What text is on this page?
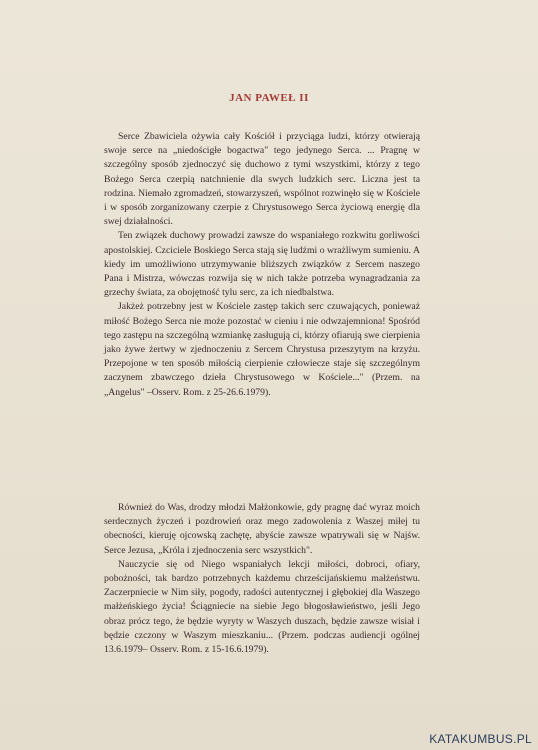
JAN PAWEŁ II

Serce Zbawiciela ożywia cały Kościół i przyciąga ludzi, którzy otwierają swoje serce na „niedościgłe bogactwa" tego jedynego Serca. ... Pragnę w szczególny sposób zjednoczyć się duchowo z tymi wszystkimi, którzy z tego Bożego Serca czerpią natchnienie dla swych ludzkich serc. Liczna jest ta rodzina. Niemało zgromadzeń, stowarzyszeń, wspólnot rozwinęło się w Kościele i w sposób zorganizowany czerpie z Chrystusowego Serca życiową energię dla swej działalności.

Ten związek duchowy prowadzi zawsze do wspaniałego rozkwitu gorliwości apostolskiej. Czciciele Boskiego Serca stają się ludźmi o wrażliwym sumieniu. A kiedy im umożliwiono utrzymywanie bliższych związków z Sercem naszego Pana i Mistrza, wówczas rozwija się w nich także potrzeba wynagradzania za grzechy świata, za obojętność tylu serc, za ich niedbalstwa.

Jakżeż potrzebny jest w Kościele zastęp takich serc czuwających, ponieważ miłość Bożego Serca nie może pozostać w cieniu i nie odwzajemniona! Spośród tego zastępu na szczególną wzmiankę zasługują ci, którzy ofiarują swe cierpienia jako żywe żertwy w zjednoczeniu z Sercem Chrystusa przeszytym na krzyżu. Przepojone w ten sposób miłością cierpienie człowiecze staje się szczególnym zaczynem zbawczego dzieła Chrystusowego w Kościele..." (Przem. na „Angelus" –Osserv. Rom. z 25-26.6.1979).

Również do Was, drodzy młodzi Małżonkowie, gdy pragnę dać wyraz moich serdecznych życzeń i pozdrowień oraz mego zadowolenia z Waszej miłej tu obecności, kieruję ojcowską zachętę, abyście zawsze wpatrywali się w Najśw. Serce Jezusa, „Króla i zjednoczenia serc wszystkich".

Nauczycie się od Niego wspaniałych lekcji miłości, dobroci, ofiary, pobożności, tak bardzo potrzebnych każdemu chrześcijańskiemu małżeństwu. Zaczerpniecie w Nim siły, pogody, radości autentycznej i głębokiej dla Waszego małżeńskiego życia! Ściągniecie na siebie Jego błogosławieństwo, jeśli Jego obraz prócz tego, że będzie wyryty w Waszych duszach, będzie zawsze wisiał i będzie czczony w Waszym mieszkaniu... (Przem. podczas audiencji ogólnej 13.6.1979– Osserv. Rom. z 15-16.6.1979).

KATAKUMBUS.PL
